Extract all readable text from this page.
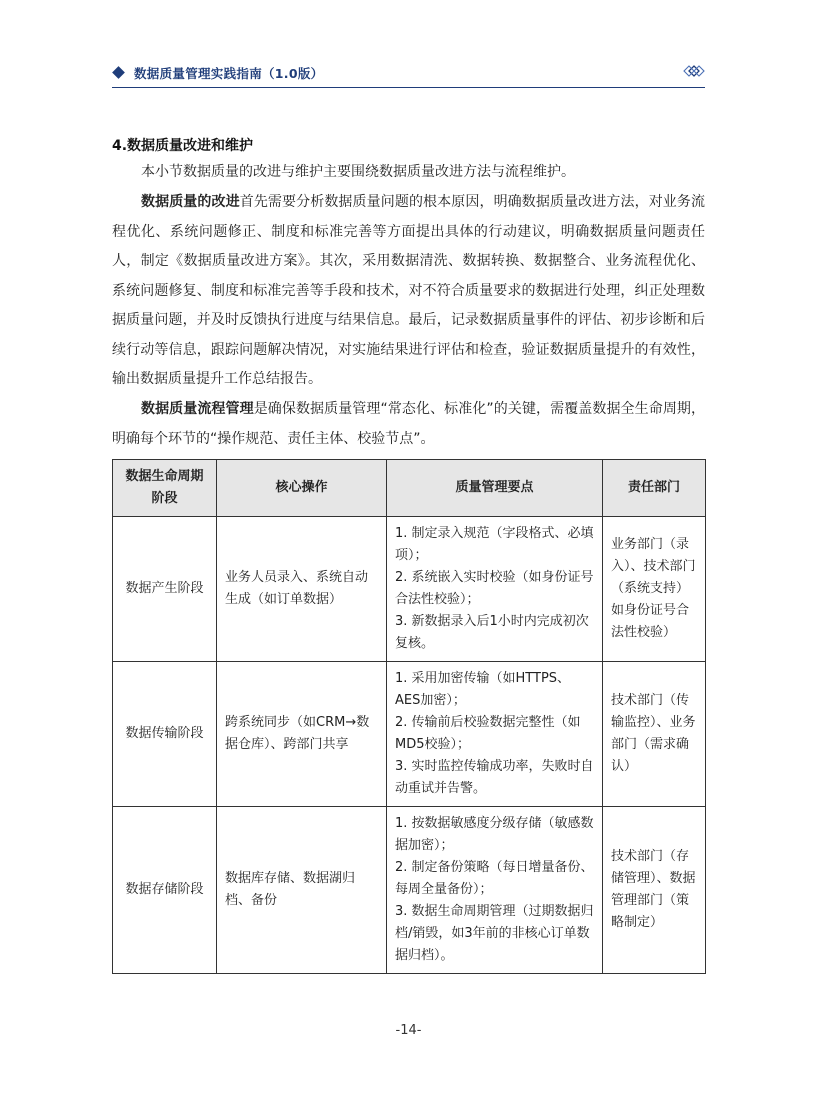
数据质量管理实践指南（1.0版）
4.数据质量改进和维护
本小节数据质量的改进与维护主要围绕数据质量改进方法与流程维护。
数据质量的改进首先需要分析数据质量问题的根本原因，明确数据质量改进方法，对业务流程优化、系统问题修正、制度和标准完善等方面提出具体的行动建议，明确数据质量问题责任人，制定《数据质量改进方案》。其次，采用数据清洗、数据转换、数据整合、业务流程优化、系统问题修复、制度和标准完善等手段和技术，对不符合质量要求的数据进行处理，纠正处理数据质量问题，并及时反馈执行进度与结果信息。最后，记录数据质量事件的评估、初步诊断和后续行动等信息，跟踪问题解决情况，对实施结果进行评估和检查，验证数据质量提升的有效性，输出数据质量提升工作总结报告。
数据质量流程管理是确保数据质量管理“常态化、标准化”的关键，需覆盖数据全生命周期，明确每个环节的“操作规范、责任主体、校验节点”。
数据生命周期阶段	核心操作	质量管理要点	责任部门
数据产生阶段	业务人员录入、系统自动生成（如订单数据）	1. 制定录入规范（字段格式、必填项）；
2. 系统嵌入实时校验（如身份证号合法性校验）；
3. 新数据录入后1小时内完成初次复核。	业务部门（录入）、技术部门（系统支持）如身份证号合法性校验）
数据传输阶段	跨系统同步（如CRM→数据仓库）、跨部门共享	1. 采用加密传输（如HTTPS、AES加密）；
2. 传输前后校验数据完整性（如MD5校验）；
3. 实时监控传输成功率，失败时自动重试并告警。	技术部门（传输监控）、业务部门（需求确认）
数据存储阶段	数据库存储、数据湖归档、备份	1. 按数据敏感度分级存储（敏感数据加密）；
2. 制定备份策略（每日增量备份、每周全量备份）；
3. 数据生命周期管理（过期数据归档/销毁，如3年前的非核心订单数据归档）。	技术部门（存储管理）、数据管理部门（策略制定）
-14-
